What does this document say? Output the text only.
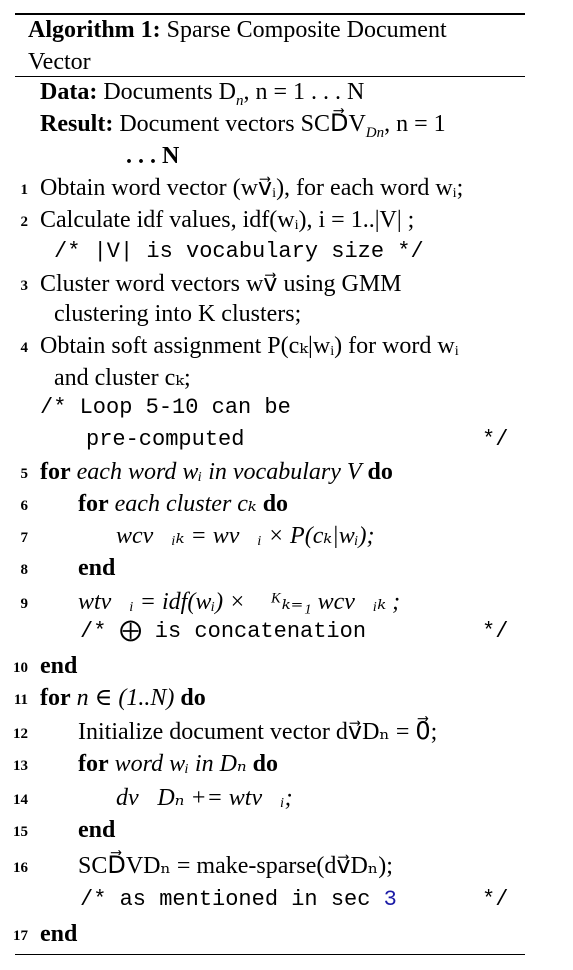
Algorithm 1: Sparse Composite Document
Vector
Data: Documents $D_n$, n = 1 . . . N
Result: Document vectors $SCD⃗V_{Dn}$, n = 1
. . . N
1 Obtain word vector (wv⃗ᵢ), for each word wᵢ;
2 Calculate idf values, idf(wᵢ), i = 1..|V| ;
/* |V| is vocabulary size */
3 Cluster word vectors wv⃗ using GMM
clustering into K clusters;
4 Obtain soft assignment P(cₖ|wᵢ) for word wᵢ
and cluster cₖ;
/* Loop 5-10 can be
pre-computed	*/
5 for each word wᵢ in vocabulary V do
6 for each cluster cₖ do
7	wcv⃗ᵢₖ = wv⃗ᵢ × P(cₖ|wᵢ);
8 end
9 wtv⃗ᵢ = idf(wᵢ) × ⨁ᴷₖ₌₁ wcv⃗ᵢₖ ;
/* ⨁ is concatenation	*/
10 end
11 for n ∈ (1..N) do
12 Initialize document vector dv⃗Dₙ = 0⃗;
13 for word wᵢ in Dₙ do
14	dv⃗Dₙ += wtv⃗ᵢ;
15 end
16 SCD⃗VDₙ = make-sparse(dv⃗Dₙ);
/* as mentioned in sec 3	*/
17 end
